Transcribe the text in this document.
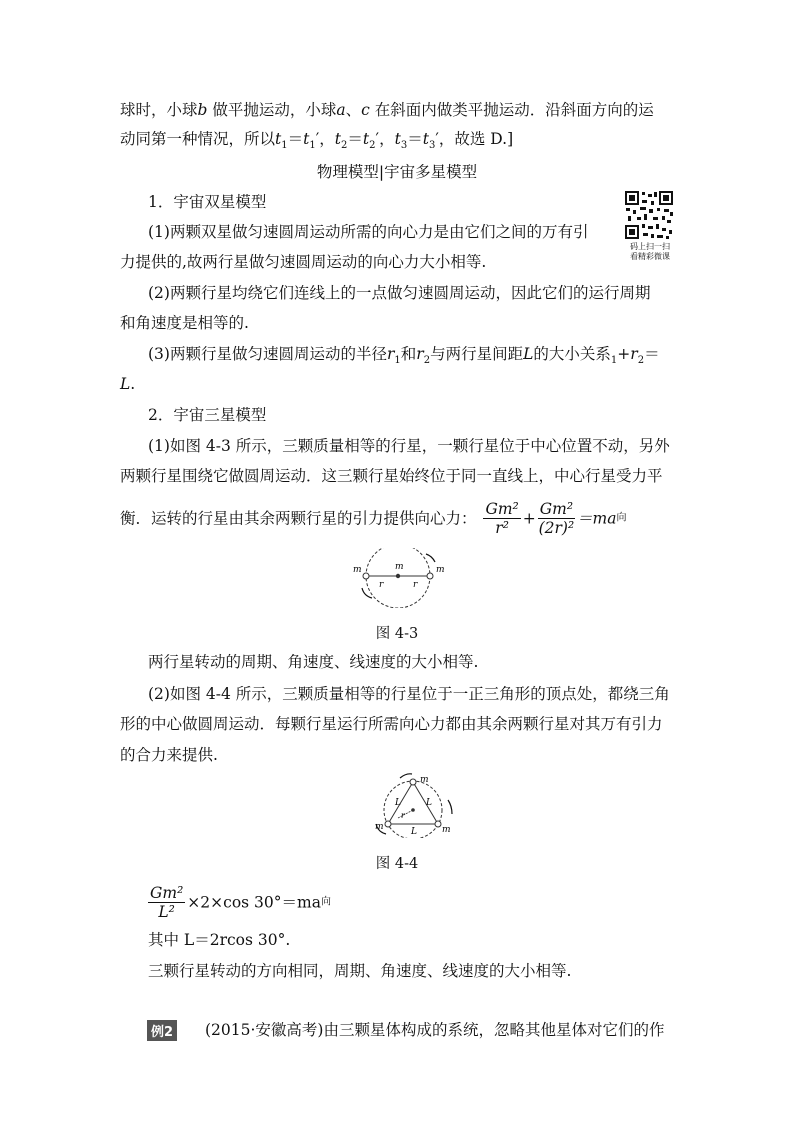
球时，小球b 做平抛运动，小球a、c 在斜面内做类平抛运动．沿斜面方向的运
动同第一种情况，所以$t_1=t_1'$，$t_2=t_2'$，$t_3=t_3'$，故选 D.]
物理模型|宇宙多星模型
码上扫一扫
看精彩微课
1．宇宙双星模型
(1)两颗双星做匀速圆周运动所需的向心力是由它们之间的万有引
力提供的,故两行星做匀速圆周运动的向心力大小相等.
(2)两颗行星均绕它们连线上的一点做匀速圆周运动，因此它们的运行周期
和角速度是相等的.
(3)两颗行星做匀速圆周运动的半径$r_1$和$r_2$与两行星间距L的大小关系$_1+r_2=$
L.
2．宇宙三星模型
(1)如图 4-3 所示，三颗质量相等的行星，一颗行星位于中心位置不动，另外
两颗行星围绕它做圆周运动．这三颗行星始终位于同一直线上，中心行星受力平
衡．运转的行星由其余两颗行星的引力提供向心力： $\frac{\text{Gm²}}{\text{r²}} + \frac{\text{Gm²}}{\text{(2r)²}} =ma$向
m	m	m
r	r
图 4-3
两行星转动的周期、角速度、线速度的大小相等.
(2)如图 4-4 所示，三颗质量相等的行星位于一正三角形的顶点处，都绕三角
形的中心做圆周运动．每颗行星运行所需向心力都由其余两颗行星对其万有引力
的合力来提供.
m
m	m
L	L
L
r
图 4-4
$\frac{\text{Gm²}}{\text{L²}} \times 2\times\cos$ 30°＝ma向
其中 L＝2rcos 30°.
三颗行星转动的方向相同，周期、角速度、线速度的大小相等.
例2 (2015·安徽高考)由三颗星体构成的系统，忽略其他星体对它们的作
